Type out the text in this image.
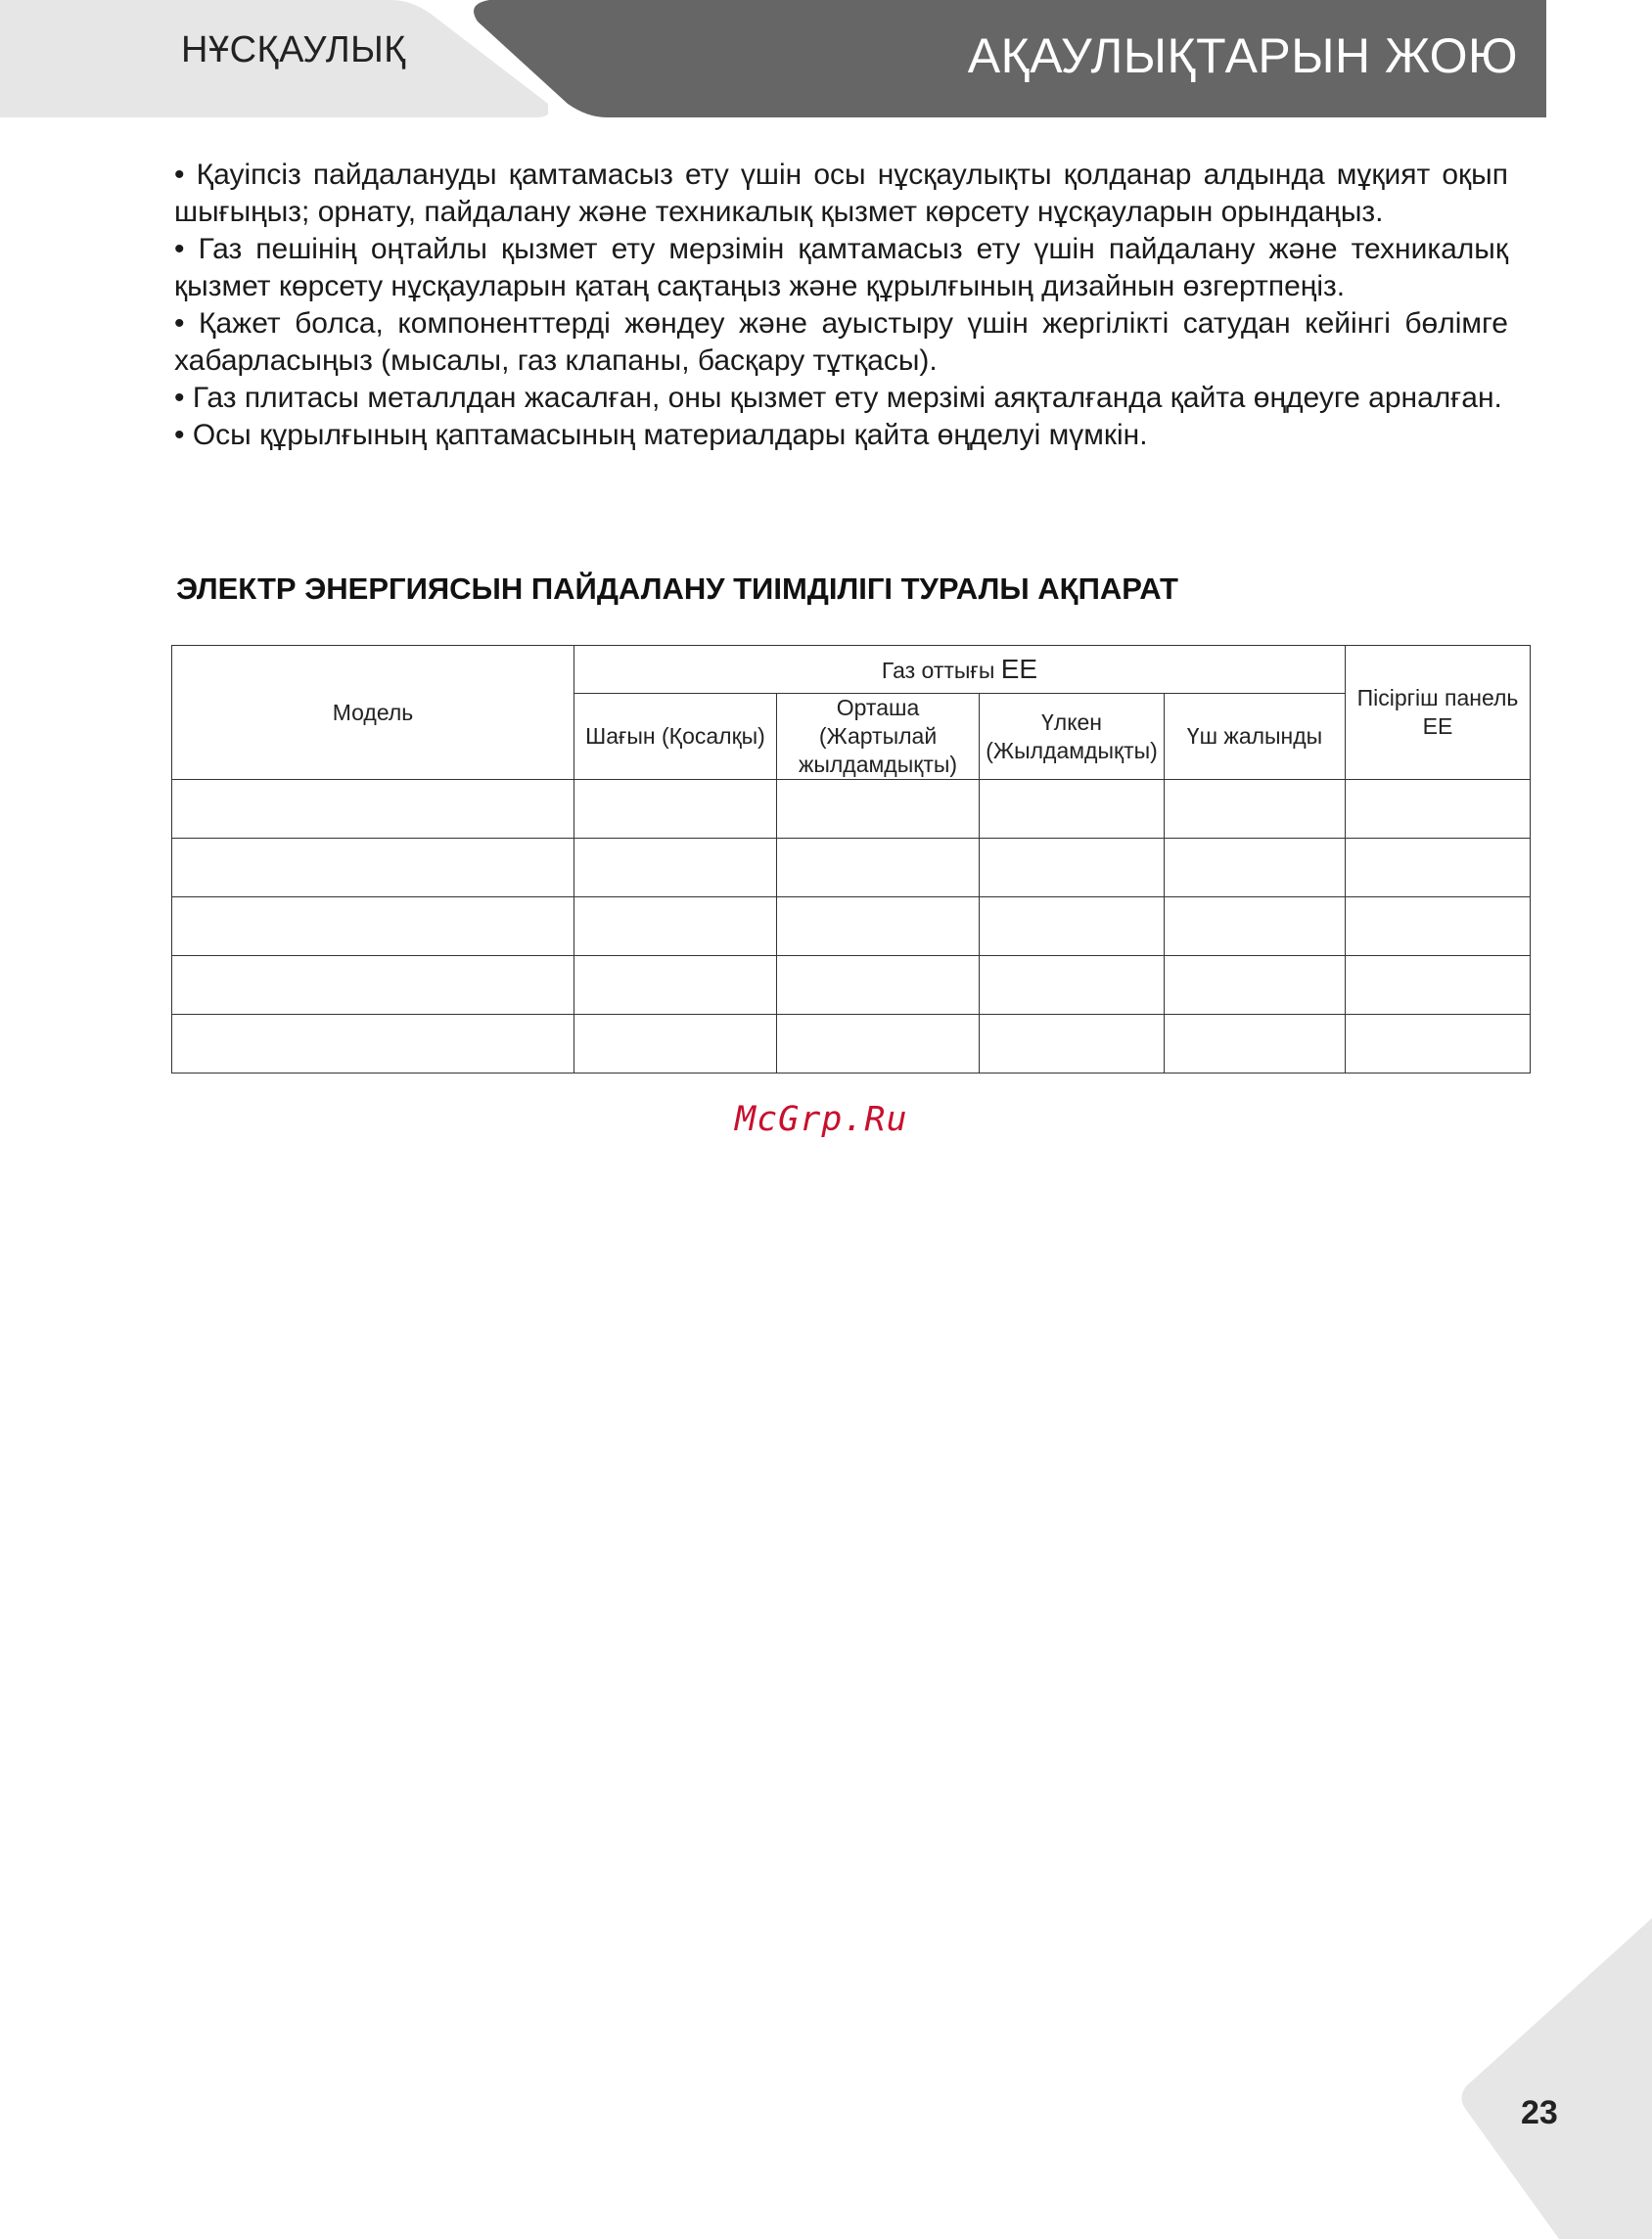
НҰСҚАУЛЫҚ	АҚАУЛЫҚТАРЫН ЖОЮ

• Қауіпсіз пайдалануды қамтамасыз ету үшін осы нұсқаулықты қолданар алдында мұқият оқып шығыңыз; орнату, пайдалану және техникалық қызмет көрсету нұсқауларын орындаңыз.

• Газ пешінің оңтайлы қызмет ету мерзімін қамтамасыз ету үшін пайдалану және техникалық қызмет көрсету нұсқауларын қатаң сақтаңыз және құрылғының дизайнын өзгертпеңіз.

• Қажет болса, компоненттерді жөндеу және ауыстыру үшін жергілікті сатудан кейінгі бөлімге хабарласыңыз (мысалы, газ клапаны, басқару тұтқасы).

• Газ плитасы металлдан жасалған, оны қызмет ету мерзімі аяқталғанда қайта өңдеуге арналған.

• Осы құрылғының қаптамасының материалдары қайта өңделуі мүмкін.

ЭЛЕКТР ЭНЕРГИЯСЫН ПАЙДАЛАНУ ТИІМДІЛІГІ ТУРАЛЫ АҚПАРАТ
Модель	Газ оттығы EE				Пісіргіш панель EE
	Шағын (Қосалқы)	Орташа (Жартылай жылдамдықты)	Үлкен (Жылдамдықты)	Үш жалынды	

McGrp.Ru
23
